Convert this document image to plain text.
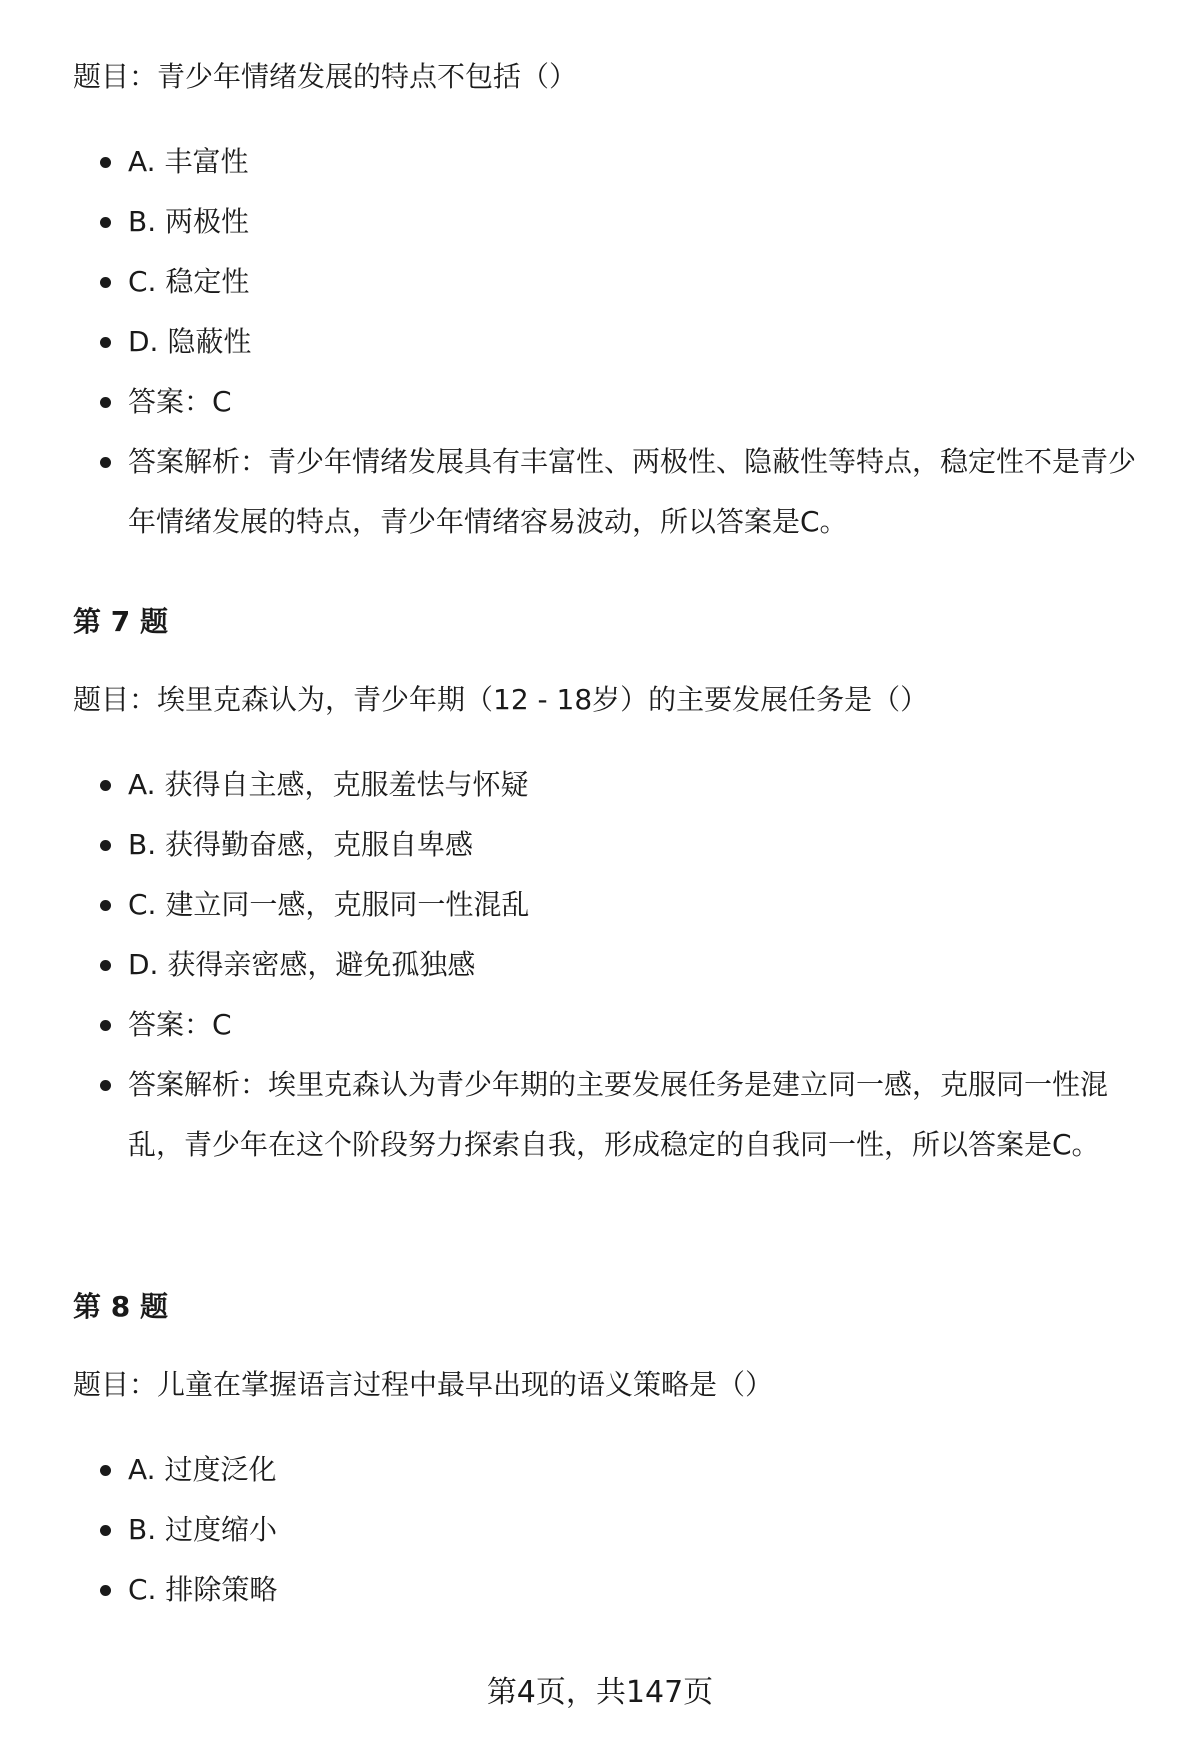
题目：青少年情绪发展的特点不包括（）

A. 丰富性
B. 两极性
C. 稳定性
D. 隐蔽性
答案：C
答案解析：青少年情绪发展具有丰富性、两极性、隐蔽性等特点，稳定性不是青少年情绪发展的特点，青少年情绪容易波动，所以答案是C。

第 7 题

题目：埃里克森认为，青少年期（12 - 18岁）的主要发展任务是（）

A. 获得自主感，克服羞怯与怀疑
B. 获得勤奋感，克服自卑感
C. 建立同一感，克服同一性混乱
D. 获得亲密感，避免孤独感
答案：C
答案解析：埃里克森认为青少年期的主要发展任务是建立同一感，克服同一性混乱，青少年在这个阶段努力探索自我，形成稳定的自我同一性，所以答案是C。

第 8 题

题目：儿童在掌握语言过程中最早出现的语义策略是（）

A. 过度泛化
B. 过度缩小
C. 排除策略
第4页，共147页
